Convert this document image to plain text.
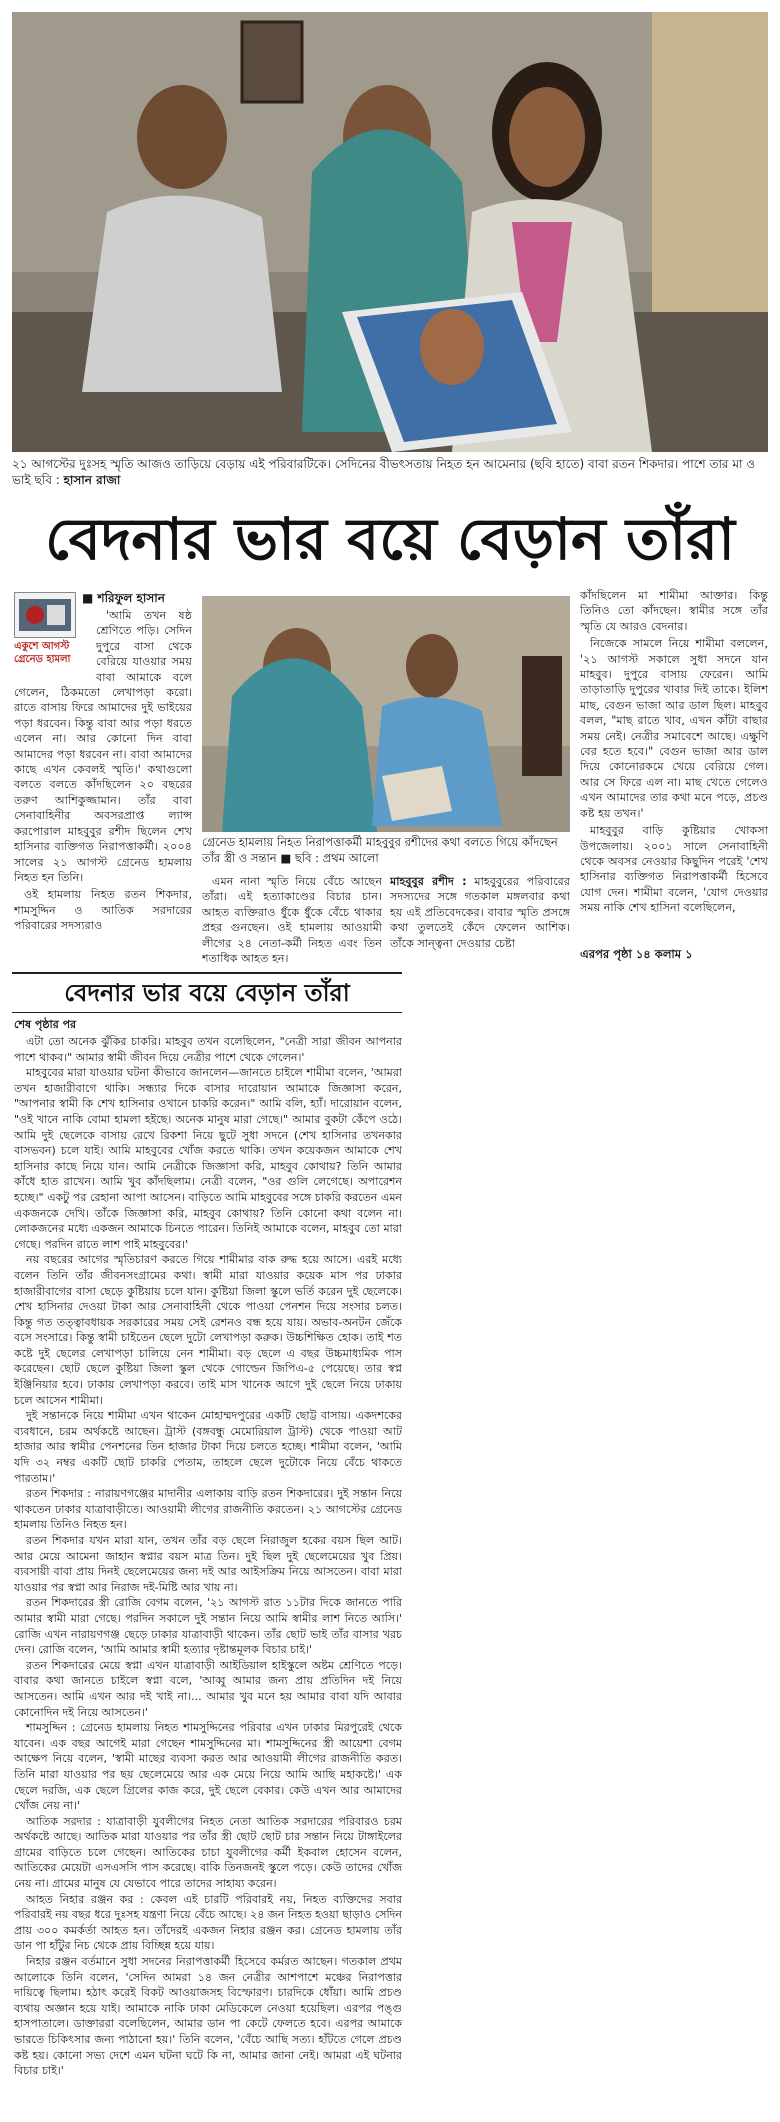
২১ আগস্টের দুঃসহ স্মৃতি আজও তাড়িয়ে বেড়ায় এই পরিবারটিকে। সেদিনের বীভৎসতায় নিহত হন আমেনার (ছবি হাতে) বাবা রতন শিকদার। পাশে তার মা ও ভাই ছবি : হাসান রাজা
বেদনার ভার বয়ে বেড়ান তাঁরা
■ শরিফুল হাসান
একুশে আগস্ট
গ্রেনেড হামলা

'আমি তখন ষষ্ঠ শ্রেণিতে পড়ি। সেদিন দুপুরে বাসা থেকে বেরিয়ে যাওয়ার সময় বাবা আমাকে বলে গেলেন, ঠিকমতো লেখাপড়া করো। রাতে বাসায় ফিরে আমাদের দুই ভাইয়ের পড়া ধরবেন। কিন্তু বাবা আর পড়া ধরতে এলেন না। আর কোনো দিন বাবা আমাদের পড়া ধরবেন না। বাবা আমাদের কাছে এখন কেবলই স্মৃতি।' কথাগুলো বলতে বলতে কাঁদছিলেন ২০ বছরের তরুণ আশিকুজ্জামান। তাঁর বাবা সেনাবাহিনীর অবসরপ্রাপ্ত ল্যান্স করপোরাল মাহবুবুর রশীদ ছিলেন শেখ হাসিনার ব্যক্তিগত নিরাপত্তাকর্মী। ২০০৪ সালের ২১ আগস্ট গ্রেনেড হামলায় নিহত হন তিনি।

ওই হামলায় নিহত রতন শিকদার, শামসুদ্দিন ও আতিক সরদারের পরিবারের সদস্যরাও

গ্রেনেড হামলায় নিহত নিরাপত্তাকর্মী মাহবুবুর রশীদের কথা বলতে গিয়ে কাঁদছেন তাঁর স্ত্রী ও সন্তান ■ ছবি : প্রথম আলো

এমন নানা স্মৃতি নিয়ে বেঁচে আছেন তাঁরা। এই হত্যাকাণ্ডের বিচার চান। আহত ব্যক্তিরাও ধুঁকে ধুঁকে বেঁচে থাকার প্রহর গুনছেন। ওই হামলায় আওয়ামী লীগের ২৪ নেতা-কর্মী নিহত এবং তিন শতাধিক আহত হন।

মাহবুবুর রশীদ : মাহবুবুরের পরিবারের সদস্যদের সঙ্গে গতকাল মঙ্গলবার কথা হয় এই প্রতিবেদকের। বাবার স্মৃতি প্রসঙ্গে কথা তুলতেই কেঁদে ফেলেন আশিক। তাঁকে সান্ত্বনা দেওয়ার চেষ্টা

কাঁদছিলেন মা শামীমা আক্তার। কিন্তু তিনিও তো কাঁদছেন। স্বামীর সঙ্গে তাঁর স্মৃতি যে আরও বেদনার।

নিজেকে সামলে নিয়ে শামীমা বললেন, '২১ আগস্ট সকালে সুধা সদনে যান মাহবুব। দুপুরে বাসায় ফেরেন। আমি তাড়াতাড়ি দুপুরের খাবার দিই তাকে। ইলিশ মাছ, বেগুন ভাজা আর ডাল ছিল। মাহবুব বলল, "মাছ রাতে খাব, এখন কাঁটা বাছার সময় নেই। নেত্রীর সমাবেশে আছে। এক্ষুণি বের হতে হবে।" বেগুন ভাজা আর ডাল দিয়ে কোনোরকমে খেয়ে বেরিয়ে গেল। আর সে ফিরে এল না। মাছ খেতে গেলেও এখন আমাদের তার কথা মনে পড়ে, প্রচণ্ড কষ্ট হয় তখন।'

মাহবুবুর বাড়ি কুষ্টিয়ার খোকসা উপজেলায়। ২০০১ সালে সেনাবাহিনী থেকে অবসর নেওয়ার কিছুদিন পরেই 'শেখ হাসিনার ব্যক্তিগত নিরাপত্তাকর্মী হিসেবে যোগ দেন। শামীমা বলেন, 'যোগ দেওয়ার সময় নাকি শেখ হাসিনা বলেছিলেন,

এরপর পৃষ্ঠা ১৪ কলাম ১
বেদনার ভার বয়ে বেড়ান তাঁরা
শেষ পৃষ্ঠার পর

এটা তো অনেক ঝুঁকির চাকরি। মাহবুব তখন বলেছিলেন, "নেত্রী সারা জীবন আপনার পাশে থাকব।" আমার স্বামী জীবন দিয়ে নেত্রীর পাশে থেকে গেলেন।'

মাহবুবের মারা যাওয়ার ঘটনা কীভাবে জানলেন—জানতে চাইলে শামীমা বলেন, 'আমরা তখন হাজারীবাগে থাকি। সন্ধ্যার দিকে বাসার দারোয়ান আমাকে জিজ্ঞাসা করেন, "আপনার স্বামী কি শেখ হাসিনার ওখানে চাকরি করেন।" আমি বলি, হ্যাঁ। দারোয়ান বলেন, "ওই খানে নাকি বোমা হামলা হইছে। অনেক মানুষ মারা গেছে।" আমার বুকটা কেঁপে ওঠে। আমি দুই ছেলেকে বাসায় রেখে রিকশা নিয়ে ছুটে সুধা সদনে (শেখ হাসিনার তখনকার বাসভবন) চলে যাই। আমি মাহবুবের খোঁজ করতে থাকি। তখন কয়েকজন আমাকে শেখ হাসিনার কাছে নিয়ে যান। আমি নেত্রীকে জিজ্ঞাসা করি, মাহবুব কোথায়? তিনি আমার কাঁধে হাত রাখেন। আমি খুব কাঁদছিলাম। নেত্রী বলেন, "ওর গুলি লেগেছে। অপারেশন হচ্ছে।" একটু পর রেহানা আপা আসেন। বাড়িতে আমি মাহবুবের সঙ্গে চাকরি করতেন এমন একজনকে দেখি। তাঁকে জিজ্ঞাসা করি, মাহবুব কোথায়? তিনি কোনো কথা বলেন না। লোকজনের মধ্যে একজন আমাকে চিনতে পারেন। তিনিই আমাকে বলেন, মাহবুব তো মারা গেছে। পরদিন রাতে লাশ পাই মাহবুবের।'

নয় বছরের আগের স্মৃতিচারণ করতে গিয়ে শামীমার বাক রুদ্ধ হয়ে আসে। এরই মধ্যে বলেন তিনি তাঁর জীবনসংগ্রামের কথা। স্বামী মারা যাওয়ার কয়েক মাস পর ঢাকার হাজারীবাগের বাসা ছেড়ে কুষ্টিয়ায় চলে যান। কুষ্টিয়া জিলা স্কুলে ভর্তি করেন দুই ছেলেকে। শেখ হাসিনার দেওয়া টাকা আর সেনাবাহিনী থেকে পাওয়া পেনশন দিয়ে সংসার চলত। কিন্তু গত তত্ত্বাবধায়ক সরকারের সময় সেই রেশনও বন্ধ হয়ে যায়। অভাব-অনটন জেঁকে বসে সংসারে। কিন্তু স্বামী চাইতেন ছেলে দুটো লেখাপড়া করুক। উচ্চশিক্ষিত হোক। তাই শত কষ্টে দুই ছেলের লেখাপড়া চালিয়ে নেন শামীমা। বড় ছেলে এ বছর উচ্চমাধ্যমিক পাস করেছেন। ছোট ছেলে কুষ্টিয়া জিলা স্কুল থেকে গোল্ডেন জিপিএ-৫ পেয়েছে। তার স্বপ্ন ইঞ্জিনিয়ার হবে। ঢাকায় লেখাপড়া করবে। তাই মাস খানেক আগে দুই ছেলে নিয়ে ঢাকায় চলে আসেন শামীমা।

দুই সন্তানকে নিয়ে শামীমা এখন থাকেন মোহাম্মদপুরের একটি ছোট্ট বাসায়। একদশকের ব্যবধানে, চরম অর্থকষ্টে আছেন। ট্রাস্ট (বঙ্গবন্ধু মেমোরিয়াল ট্রাস্ট) থেকে পাওয়া আট হাজার আর স্বামীর পেনশনের তিন হাজার টাকা দিয়ে চলতে হচ্ছে। শামীমা বলেন, 'আমি যদি ৩২ নম্বর একটি ছোট চাকরি পেতাম, তাহলে ছেলে দুটোকে নিয়ে বেঁচে থাকতে পারতাম।'

রতন শিকদার : নারায়ণগঞ্জের মাদানীর এলাকায় বাড়ি রতন শিকদারের। দুই সন্তান নিয়ে থাকতেন ঢাকার যাত্রাবাড়ীতে। আওয়ামী লীগের রাজনীতি করতেন। ২১ আগস্টের গ্রেনেড হামলায় তিনিও নিহত হন।

রতন শিকদার যখন মারা যান, তখন তাঁর বড় ছেলে নিরাজুল হকের বয়স ছিল আট। আর মেয়ে আমেনা জাহান স্বপ্নার বয়স মাত্র তিন। দুই ছিল দুই ছেলেমেয়ের খুব প্রিয়। ব্যবসায়ী বাবা প্রায় দিনই ছেলেমেয়ের জন্য দই আর আইসক্রিম নিয়ে আসতেন। বাবা মারা যাওয়ার পর স্বপ্না আর নিরাজ দই-মিষ্টি আর খায় না।

রতন শিকদারের স্ত্রী রোজি বেগম বলেন, '২১ আগস্ট রাত ১১টার দিকে জানতে পারি আমার স্বামী মারা গেছে। পরদিন সকালে দুই সন্তান নিয়ে আমি স্বামীর লাশ নিতে আসি।' রোজি এখন নারায়ণগঞ্জ ছেড়ে ঢাকার যাত্রাবাড়ী থাকেন। তাঁর ছোট ভাই তাঁর বাসার খরচ দেন। রোজি বলেন, 'আমি আমার স্বামী হত্যার দৃষ্টান্তমূলক বিচার চাই।'

রতন শিকদারের মেয়ে স্বপ্না এখন যাত্রাবাড়ী আইডিয়াল হাইস্কুলে অষ্টম শ্রেণিতে পড়ে। বাবার কথা জানতে চাইলে স্বপ্না বলে, 'আব্বু আমার জন্য প্রায় প্রতিদিন দই নিয়ে আসতেন। আমি এখন আর দই খাই না।... আমার খুব মনে হয় আমার বাবা যদি আবার কোনোদিন দই নিয়ে আসতেন।'

শামসুদ্দিন : গ্রেনেড হামলায় নিহত শামসুদ্দিনের পরিবার এখন ঢাকার মিরপুরেই থেকে যাবেন। এক বছর আগেই মারা গেছেন শামসুদ্দিনের মা। শামসুদ্দিনের স্ত্রী আয়েশা বেগম আক্ষেপ নিয়ে বলেন, 'স্বামী মাছের ব্যবসা করত আর আওয়ামী লীগের রাজনীতি করত। তিনি মারা যাওয়ার পর ছয় ছেলেমেয়ে আর এক মেয়ে নিয়ে আমি আছি মহাকষ্টে।' এক ছেলে দরজি, এক ছেলে গ্রিলের কাজ করে, দুই ছেলে বেকার। কেউ এখন আর আমাদের খোঁজ নেয় না।'

আতিক সরদার : যাত্রাবাড়ী যুবলীগের নিহত নেতা আতিক সরদারের পরিবারও চরম অর্থকষ্টে আছে। আতিক মারা যাওয়ার পর তাঁর স্ত্রী ছোট ছোট চার সন্তান নিয়ে টাঙ্গাইলের গ্রামের বাড়িতে চলে গেছেন। আতিকের চাচা যুবলীগের কর্মী ইকবাল হোসেন বলেন, আতিকের মেয়েটা এসএসসি পাস করেছে। বাকি তিনজনই স্কুলে পড়ে। কেউ তাদের খোঁজ নেয় না। গ্রামের মানুষ যে যেভাবে পারে তাদের সাহায্য করেন।

আহত নিহার রঞ্জন কর : কেবল এই চারটি পরিবারই নয়, নিহত ব্যক্তিদের সবার পরিবারই নয় বছর ধরে দুঃসহ যন্ত্রণা নিয়ে বেঁচে আছে। ২৪ জন নিহত হওয়া ছাড়াও সেদিন প্রায় ৩০০ কমর্কর্তা আহত হন। তাঁদেরই একজন নিহার রঞ্জন কর। গ্রেনেড হামলায় তাঁর ডান পা হাঁটুর নিচ থেকে প্রায় বিচ্ছিন্ন হয়ে যায়।

নিহার রঞ্জন বর্তমানে সুধা সদনের নিরাপত্তাকর্মী হিসেবে কর্মরত আছেন। গতকাল প্রথম আলোকে তিনি বলেন, 'সেদিন আমরা ১৪ জন নেত্রীর আশপাশে মঞ্চের নিরাপত্তার দায়িত্বে ছিলাম। হঠাৎ করেই বিকট আওয়াজসহ বিস্ফোরণ। চারদিকে ধোঁয়া। আমি প্রচণ্ড ব্যথায় অজ্ঞান হয়ে যাই। আমাকে নাকি ঢাকা মেডিকেলে নেওয়া হয়েছিল। এরপর পঙ্গু হাসপাতালে। ডাক্তাররা বলেছিলেন, আমার ডান পা কেটে ফেলতে হবে। এরপর আমাকে ভারতে চিকিৎসার জন্য পাঠানো হয়।' তিনি বলেন, 'বেঁচে আছি সত্য। হাঁটতে গেলে প্রচণ্ড কষ্ট হয়। কোনো সভ্য দেশে এমন ঘটনা ঘটে কি না, আমার জানা নেই। আমরা এই ঘটনার বিচার চাই।'
